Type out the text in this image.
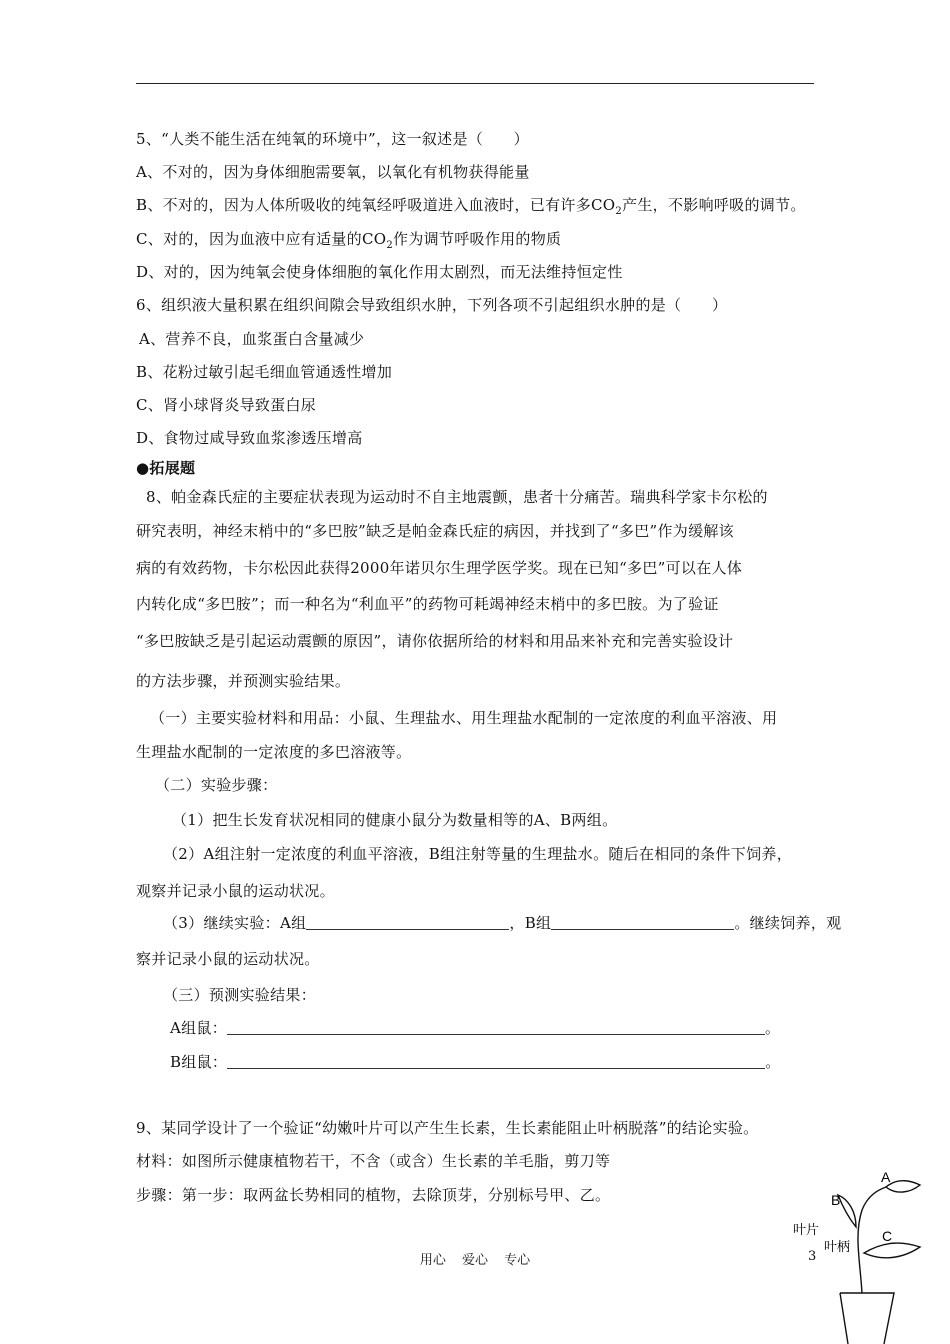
5、“人类不能生活在纯氧的环境中”，这一叙述是（　　）
A、不对的，因为身体细胞需要氧，以氧化有机物获得能量
B、不对的，因为人体所吸收的纯氧经呼吸道进入血液时，已有许多$CO_2$产生，不影响呼吸的调节。
C、对的，因为血液中应有适量的$CO_2$作为调节呼吸作用的物质
D、对的，因为纯氧会使身体细胞的氧化作用太剧烈，而无法维持恒定性
6、组织液大量积累在组织间隙会导致组织水肿，下列各项不引起组织水肿的是（　　）
A、营养不良，血浆蛋白含量减少
B、花粉过敏引起毛细血管通透性增加
C、肾小球肾炎导致蛋白尿
D、食物过咸导致血浆渗透压增高
●拓展题
8、帕金森氏症的主要症状表现为运动时不自主地震颤，患者十分痛苦。瑞典科学家卡尔松的
研究表明，神经末梢中的“多巴胺”缺乏是帕金森氏症的病因，并找到了“多巴”作为缓解该
病的有效药物，卡尔松因此获得2000年诺贝尔生理学医学奖。现在已知“多巴”可以在人体
内转化成“多巴胺”；而一种名为“利血平”的药物可耗竭神经末梢中的多巴胺。为了验证
“多巴胺缺乏是引起运动震颤的原因”，请你依据所给的材料和用品来补充和完善实验设计
的方法步骤，并预测实验结果。
（一）主要实验材料和用品：小鼠、生理盐水、用生理盐水配制的一定浓度的利血平溶液、用
生理盐水配制的一定浓度的多巴溶液等。
（二）实验步骤：
（1）把生长发育状况相同的健康小鼠分为数量相等的A、B两组。
（2）A组注射一定浓度的利血平溶液，B组注射等量的生理盐水。随后在相同的条件下饲养，
观察并记录小鼠的运动状况。
（3）继续实验：A组	，B组	。继续饲养，观
察并记录小鼠的运动状况。
（三）预测实验结果：
A组鼠：	。
B组鼠：	。
9、某同学设计了一个验证“幼嫩叶片可以产生生长素，生长素能阻止叶柄脱落”的结论实验。
材料：如图所示健康植物若干，不含（或含）生长素的羊毛脂，剪刀等
步骤：第一步：取两盆长势相同的植物，去除顶芽，分别标号甲、乙。
用心 爱心 专心	3
A
B
C
叶片
叶柄
